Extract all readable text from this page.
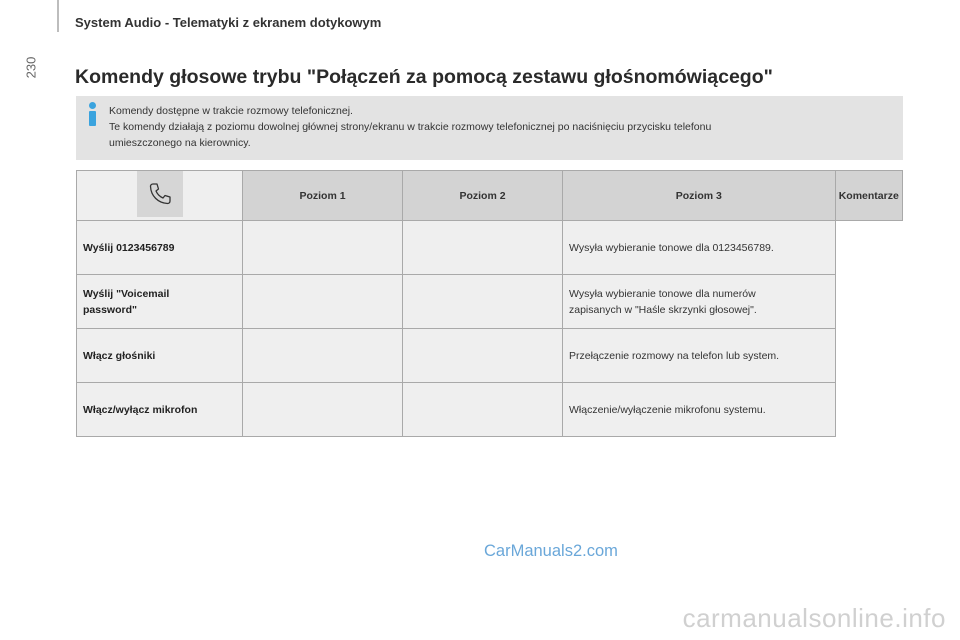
230
System Audio - Telematyki z ekranem dotykowym
Komendy głosowe trybu "Połączeń za pomocą zestawu głośnomówiącego"
Komendy dostępne w trakcie rozmowy telefonicznej.
Te komendy działają z poziomu dowolnej głównej strony/ekranu w trakcie rozmowy telefonicznej po naciśnięciu przycisku telefonu
umieszczonego na kierownicy.
	Poziom 1	Poziom 2	Poziom 3	Komentarze
Wyślij 0123456789			Wysyła wybieranie tonowe dla 0123456789.	

Wyślij "Voicemail password"			Wysyła wybieranie tonowe dla numerów zapisanych w "Haśle skrzynki głosowej".	

Włącz głośniki			Przełączenie rozmowy na telefon lub system.	
Włącz/wyłącz mikrofon			Włączenie/wyłączenie mikrofonu systemu.	
CarManuals2.com
carmanualsonline.info
